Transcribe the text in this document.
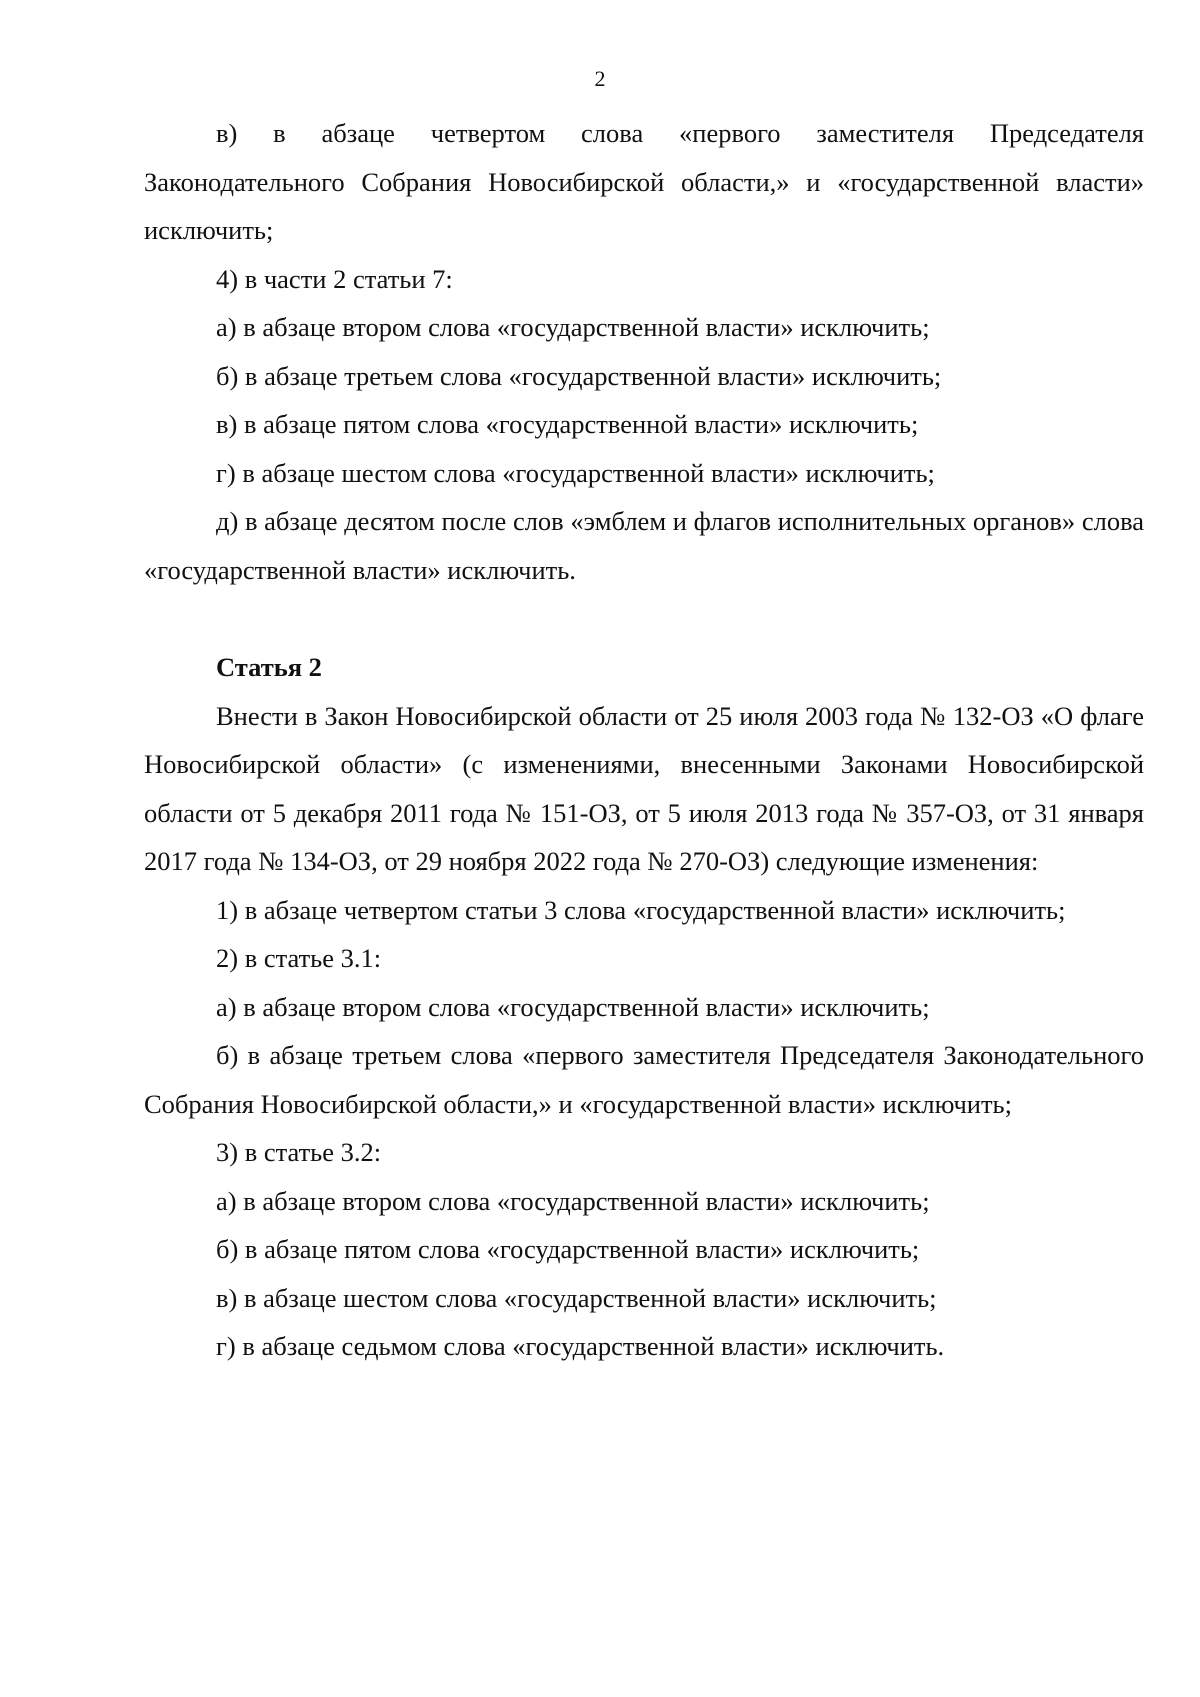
2

в) в абзаце четвертом слова «первого заместителя Председателя Законодательного Собрания Новосибирской области,» и «государственной власти» исключить;

4) в части 2 статьи 7:

а) в абзаце втором слова «государственной власти» исключить;

б) в абзаце третьем слова «государственной власти» исключить;

в) в абзаце пятом слова «государственной власти» исключить;

г) в абзаце шестом слова «государственной власти» исключить;

д) в абзаце десятом после слов «эмблем и флагов исполнительных органов» слова «государственной власти» исключить.

Статья 2

Внести в Закон Новосибирской области от 25 июля 2003 года № 132-ОЗ «О флаге Новосибирской области» (с изменениями, внесенными Законами Новосибирской области от 5 декабря 2011 года № 151-ОЗ, от 5 июля 2013 года № 357-ОЗ, от 31 января 2017 года № 134-ОЗ, от 29 ноября 2022 года № 270-ОЗ) следующие изменения:

1) в абзаце четвертом статьи 3 слова «государственной власти» исключить;

2) в статье 3.1:

а) в абзаце втором слова «государственной власти» исключить;

б) в абзаце третьем слова «первого заместителя Председателя Законодательного Собрания Новосибирской области,» и «государственной власти» исключить;

3) в статье 3.2:

а) в абзаце втором слова «государственной власти» исключить;

б) в абзаце пятом слова «государственной власти» исключить;

в) в абзаце шестом слова «государственной власти» исключить;

г) в абзаце седьмом слова «государственной власти» исключить.
